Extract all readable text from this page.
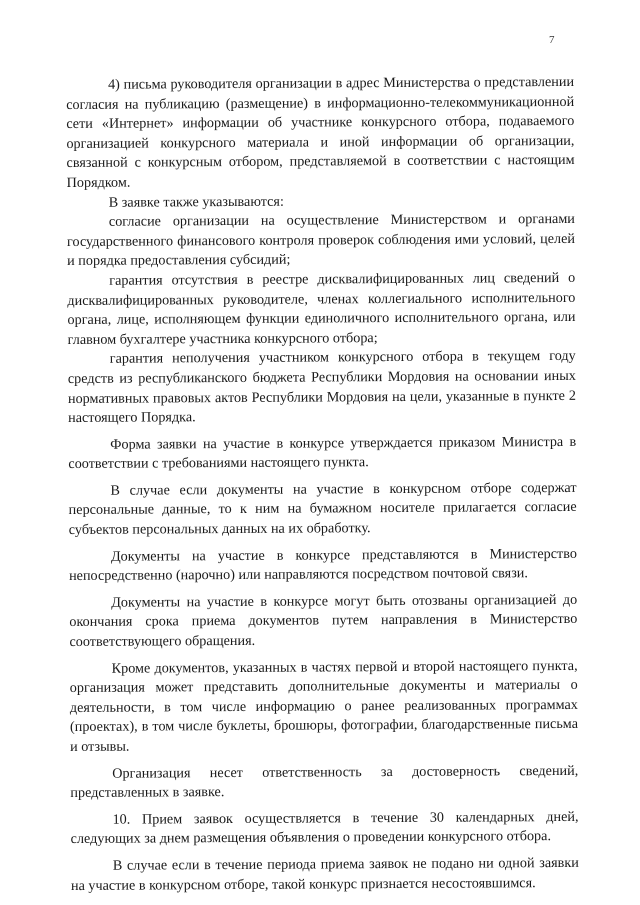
7

4) письма руководителя организации в адрес Министерства о представлении согласия на публикацию (размещение) в информационно-телекоммуникационной сети «Интернет» информации об участнике конкурсного отбора, подаваемого организацией конкурсного материала и иной информации об организации, связанной с конкурсным отбором, представляемой в соответствии с настоящим Порядком.

В заявке также указываются:

согласие организации на осуществление Министерством и органами государственного финансового контроля проверок соблюдения ими условий, целей и порядка предоставления субсидий;

гарантия отсутствия в реестре дисквалифицированных лиц сведений о дисквалифицированных руководителе, членах коллегиального исполнительного органа, лице, исполняющем функции единоличного исполнительного органа, или главном бухгалтере участника конкурсного отбора;

гарантия неполучения участником конкурсного отбора в текущем году средств из республиканского бюджета Республики Мордовия на основании иных нормативных правовых актов Республики Мордовия на цели, указанные в пункте 2 настоящего Порядка.

Форма заявки на участие в конкурсе утверждается приказом Министра в соответствии с требованиями настоящего пункта.

В случае если документы на участие в конкурсном отборе содержат персональные данные, то к ним на бумажном носителе прилагается согласие субъектов персональных данных на их обработку.

Документы на участие в конкурсе представляются в Министерство непосредственно (нарочно) или направляются посредством почтовой связи.

Документы на участие в конкурсе могут быть отозваны организацией до окончания срока приема документов путем направления в Министерство соответствующего обращения.

Кроме документов, указанных в частях первой и второй настоящего пункта, организация может представить дополнительные документы и материалы о деятельности, в том числе информацию о ранее реализованных программах (проектах), в том числе буклеты, брошюры, фотографии, благодарственные письма и отзывы.

Организация несет ответственность за достоверность сведений, представленных в заявке.

10. Прием заявок осуществляется в течение 30 календарных дней, следующих за днем размещения объявления о проведении конкурсного отбора.

В случае если в течение периода приема заявок не подано ни одной заявки на участие в конкурсном отборе, такой конкурс признается несостоявшимся.
